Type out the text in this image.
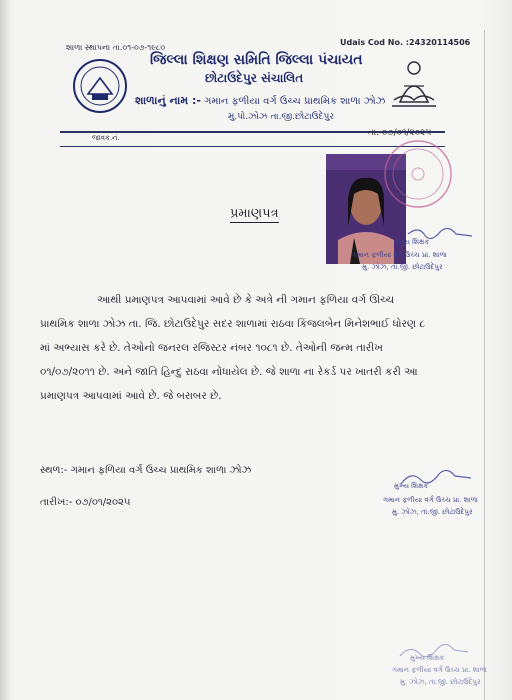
શાળા સ્થાપના તા.૦૧-૦૭-૧૯૮૦
Udais Cod No. :24320114506
જિલ્લા શિક્ષણ સમિતિ જિલ્લા પંચાયત
છોટાઉદેપુર સંચાલિત
શાળાનું નામ :- ગમાન ફળીયા વર્ગ ઉચ્ચ પ્રાથમિક શાળા ઝોઝ
મુ.પો.ઝોઝ તા.જી.છોટાઉદેપુર
જાવક.નં.	તા. ૦૭/૦૧/૨૦૨૫
મુખ્ય શિક્ષક
ગમાન ફળીયા વર્ગ ઉચ્ચ પ્રા. શાળા
મુ. ઝોઝ, તા.જી. છોટાઉદેપુર
પ્રમાણપત્ર
આથી પ્રમાણપત્ર આપવામાં આવે છે કે અત્રે ની ગમાન ફળિયા વર્ગ ઊચ્ચ
પ્રાથમિક શાળા ઝોઝ તા. જિ. છોટાઉદેપુર સદર શાળામાં રાઠવા કિંજલબેન મિનેશભાઈ ધોરણ ૮
માં અભ્યાસ કરે છે. તેઓનો જનરલ રજિસ્ટર નંબર ૧૦૮૧ છે. તેઓની જન્મ તારીખ
૦૧/૦૭/૨૦૧૧ છે. અને જાતિ હિન્દુ રાઠવા નોંધાયેલ છે. જે શાળા ના રેકર્ડ પર ખાતરી કરી આ
પ્રમાણપત્ર આપવામાં આવે છે. જે બરાબર છે.
સ્થળ:- ગમાન ફળિયા વર્ગ ઉચ્ચ પ્રાથમિક શાળા ઝોઝ
તારીખ:- ૦૭/૦૧/૨૦૨૫
મુખ્ય શિક્ષક
ગમાન ફળીયા વર્ગ ઉચ્ચ પ્રા. શાળા
મુ. ઝોઝ, તા.જી. છોટાઉદેપુર
મુખ્ય શિક્ષક
ગમાન ફળીયા વર્ગ ઉચ્ચ પ્રા. શાળા
મુ. ઝોઝ, તા.જી. છોટાઉદેપુર
